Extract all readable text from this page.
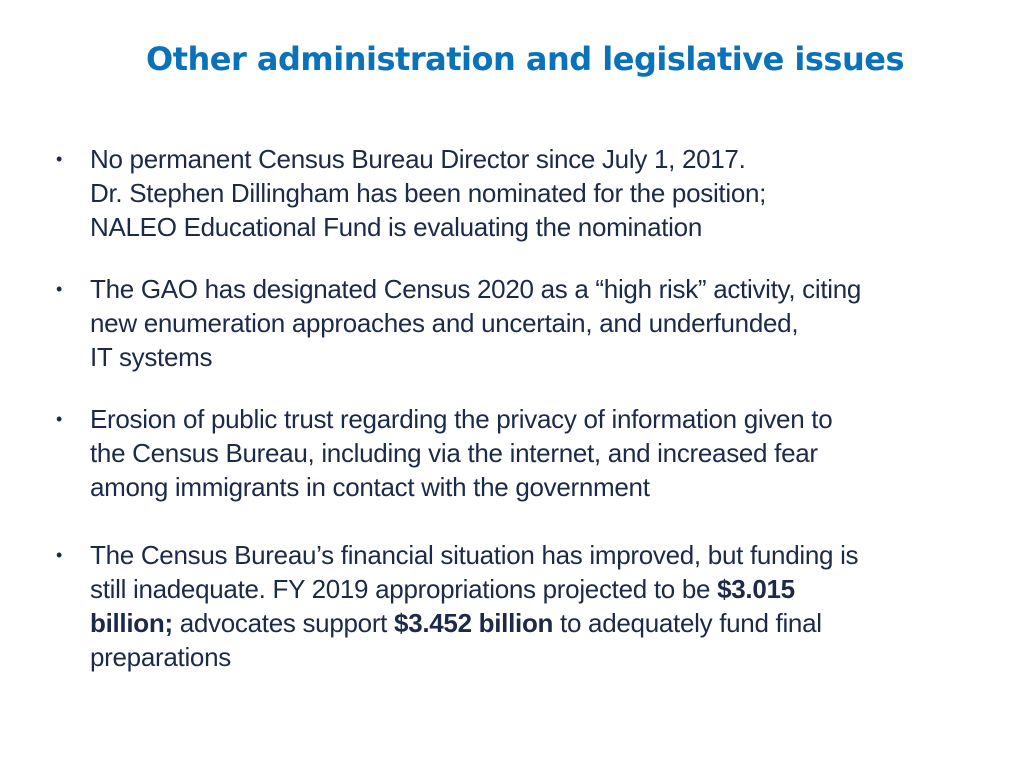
Other administration and legislative issues
• No permanent Census Bureau Director since July 1, 2017.
Dr. Stephen Dillingham has been nominated for the position;
NALEO Educational Fund is evaluating the nomination
• The GAO has designated Census 2020 as a “high risk” activity, citing
new enumeration approaches and uncertain, and underfunded,
IT systems
• Erosion of public trust regarding the privacy of information given to
the Census Bureau, including via the internet, and increased fear
among immigrants in contact with the government
• The Census Bureau’s financial situation has improved, but funding is
still inadequate. FY 2019 appropriations projected to be $3.015
billion; advocates support $3.452 billion to adequately fund final
preparations
